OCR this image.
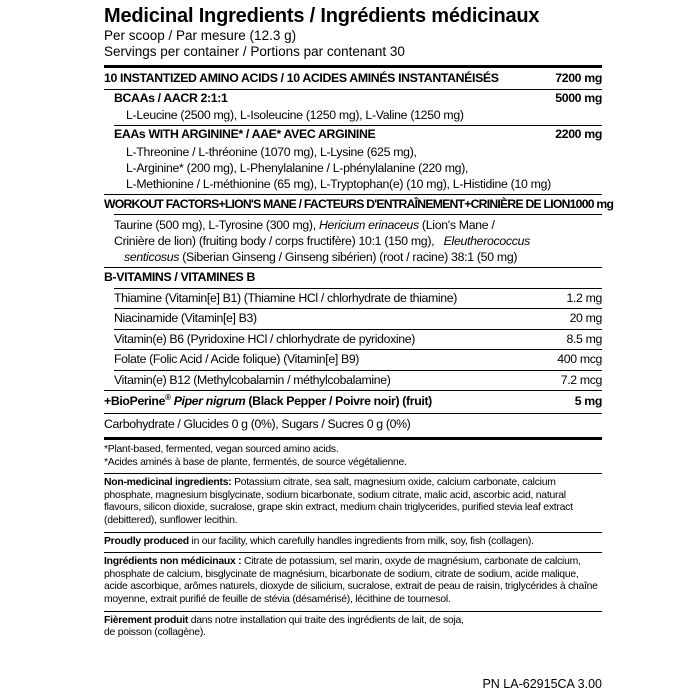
Medicinal Ingredients / Ingrédients médicinaux
Per scoop / Par mesure (12.3 g)
Servings per container / Portions par contenant 30
10 INSTANTIZED AMINO ACIDS / 10 ACIDES AMINÉS INSTANTANÉISÉS	7200 mg
BCAAs / AACR 2:1:1	5000 mg
L-Leucine (2500 mg), L-Isoleucine (1250 mg), L-Valine (1250 mg)
EAAs WITH ARGININE* / AAE* AVEC ARGININE	2200 mg
L-Threonine / L-thréonine (1070 mg), L-Lysine (625 mg),
L-Arginine* (200 mg), L-Phenylalanine / L-phénylalanine (220 mg),
L-Methionine / L-méthionine (65 mg), L-Tryptophan(e) (10 mg), L-Histidine (10 mg)
WORKOUT FACTORS+LION'S MANE / FACTEURS D'ENTRAÎNEMENT+CRINIÈRE DE LION 1000 mg
Taurine (500 mg), L-Tyrosine (300 mg), Hericium erinaceus (Lion's Mane /
Crinière de lion) (fruiting body / corps fructifère) 10:1 (150 mg),   Eleutherococcus
senticosus (Siberian Ginseng / Ginseng sibérien) (root / racine) 38:1 (50 mg)
B-VITAMINS / VITAMINES B
Thiamine (Vitamin[e] B1) (Thiamine HCl / chlorhydrate de thiamine)	1.2 mg
Niacinamide (Vitamin[e] B3)	20 mg
Vitamin(e) B6 (Pyridoxine HCl / chlorhydrate de pyridoxine)	8.5 mg
Folate (Folic Acid / Acide folique) (Vitamin[e] B9)	400 mcg
Vitamin(e) B12 (Methylcobalamin / méthylcobalamine)	7.2 mcg
+BioPerine® Piper nigrum (Black Pepper / Poivre noir) (fruit)	5 mg
Carbohydrate / Glucides 0 g (0%), Sugars / Sucres 0 g (0%)
*Plant-based, fermented, vegan sourced amino acids.
*Acides aminés à base de plante, fermentés, de source végétalienne.
Non-medicinal ingredients: Potassium citrate, sea salt, magnesium oxide, calcium carbonate, calcium phosphate, magnesium bisglycinate, sodium bicarbonate, sodium citrate, malic acid, ascorbic acid, natural flavours, silicon dioxide, sucralose, grape skin extract, medium chain triglycerides, purified stevia leaf extract (debittered), sunflower lecithin.
Proudly produced in our facility, which carefully handles ingredients from milk, soy, fish (collagen).
Ingrédients non médicinaux : Citrate de potassium, sel marin, oxyde de magnésium, carbonate de calcium, phosphate de calcium, bisglycinate de magnésium, bicarbonate de sodium, citrate de sodium, acide malique, acide ascorbique, arômes naturels, dioxyde de silicium, sucralose, extrait de peau de raisin, triglycérides à chaîne moyenne, extrait purifié de feuille de stévia (désamérisé), lécithine de tournesol.
Fièrement produit dans notre installation qui traite des ingrédients de lait, de soja,
de poisson (collagène).
PN LA-62915CA 3.00
